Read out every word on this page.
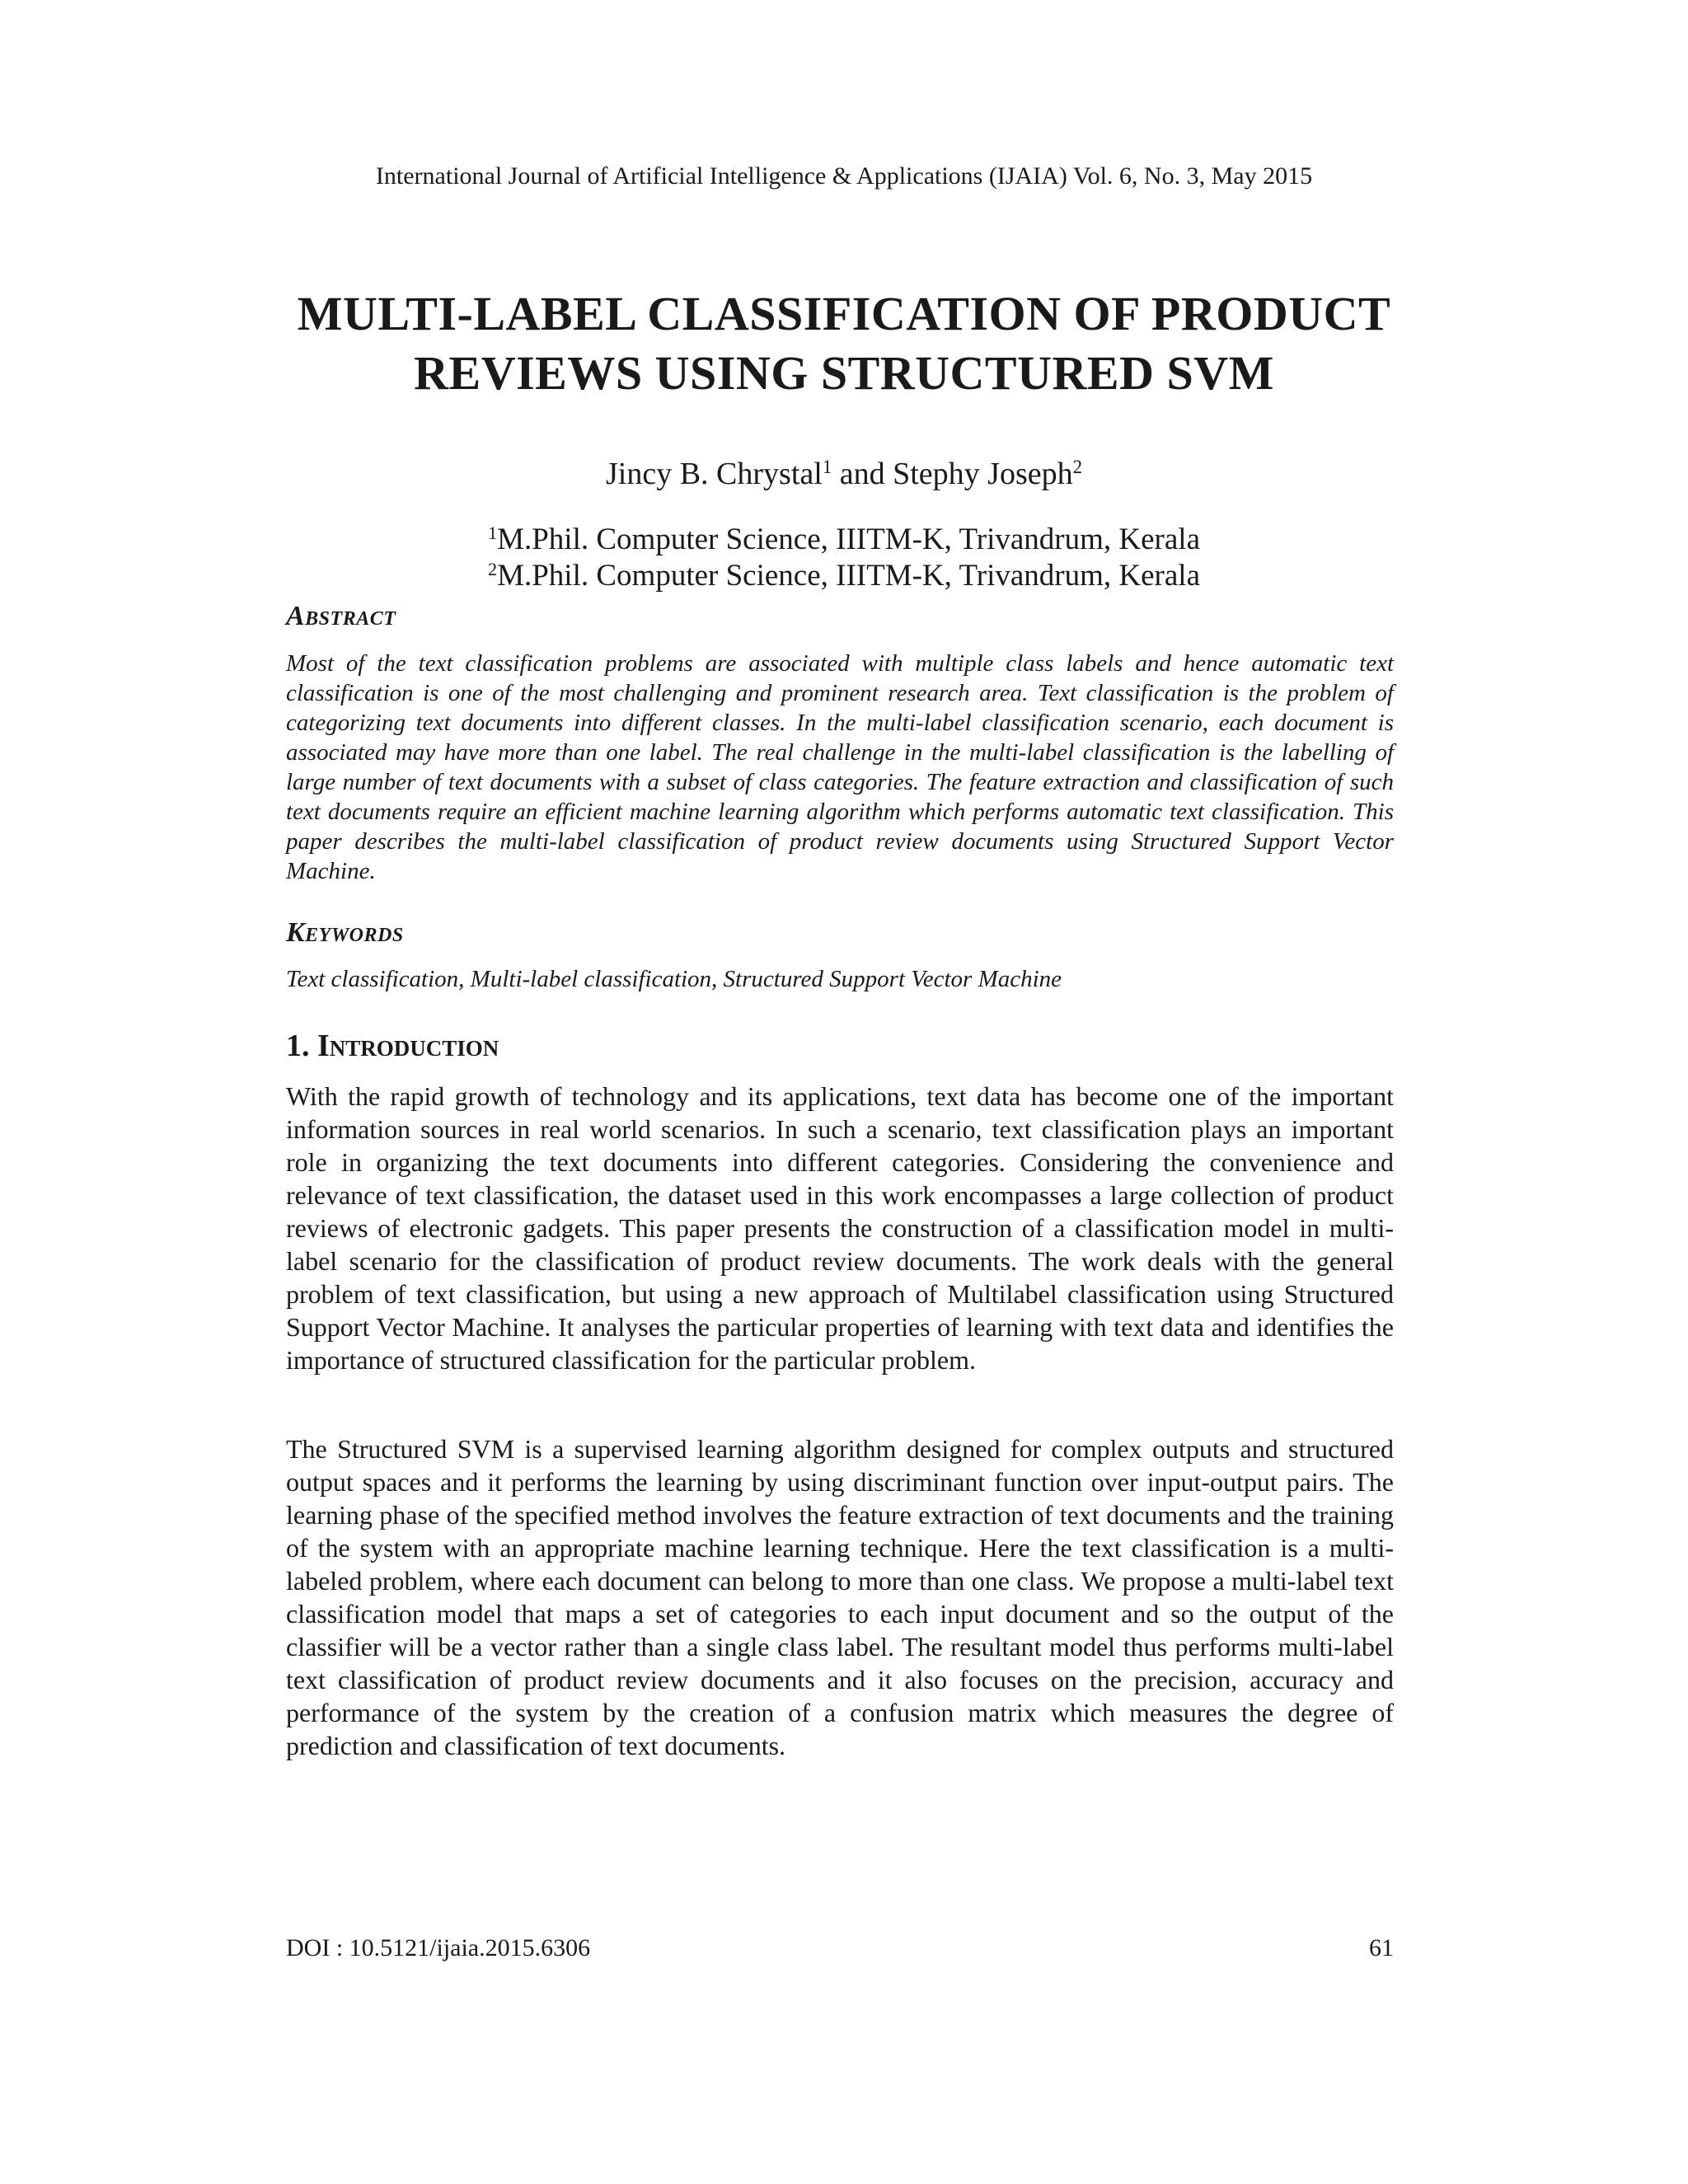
International Journal of Artificial Intelligence & Applications (IJAIA) Vol. 6, No. 3, May 2015
MULTI-LABEL CLASSIFICATION OF PRODUCT REVIEWS USING STRUCTURED SVM
Jincy B. Chrystal$^1$ and Stephy Joseph$^2$
$^1$M.Phil. Computer Science, IIITM-K, Trivandrum, Kerala
$^2$M.Phil. Computer Science, IIITM-K, Trivandrum, Kerala
Abstract

Most of the text classification problems are associated with multiple class labels and hence automatic text classification is one of the most challenging and prominent research area. Text classification is the problem of categorizing text documents into different classes. In the multi-label classification scenario, each document is associated may have more than one label. The real challenge in the multi-label classification is the labelling of large number of text documents with a subset of class categories. The feature extraction and classification of such text documents require an efficient machine learning algorithm which performs automatic text classification. This paper describes the multi-label classification of product review documents using Structured Support Vector Machine.

Keywords

Text classification, Multi-label classification, Structured Support Vector Machine

1. Introduction

With the rapid growth of technology and its applications, text data has become one of the important information sources in real world scenarios. In such a scenario, text classification plays an important role in organizing the text documents into different categories. Considering the convenience and relevance of text classification, the dataset used in this work encompasses a large collection of product reviews of electronic gadgets. This paper presents the construction of a classification model in multi-label scenario for the classification of product review documents. The work deals with the general problem of text classification, but using a new approach of Multilabel classification using Structured Support Vector Machine. It analyses the particular properties of learning with text data and identifies the importance of structured classification for the particular problem.

The Structured SVM is a supervised learning algorithm designed for complex outputs and structured output spaces and it performs the learning by using discriminant function over input-output pairs. The learning phase of the specified method involves the feature extraction of text documents and the training of the system with an appropriate machine learning technique. Here the text classification is a multi-labeled problem, where each document can belong to more than one class. We propose a multi-label text classification model that maps a set of categories to each input document and so the output of the classifier will be a vector rather than a single class label. The resultant model thus performs multi-label text classification of product review documents and it also focuses on the precision, accuracy and performance of the system by the creation of a confusion matrix which measures the degree of prediction and classification of text documents.

DOI : 10.5121/ijaia.2015.6306	61
